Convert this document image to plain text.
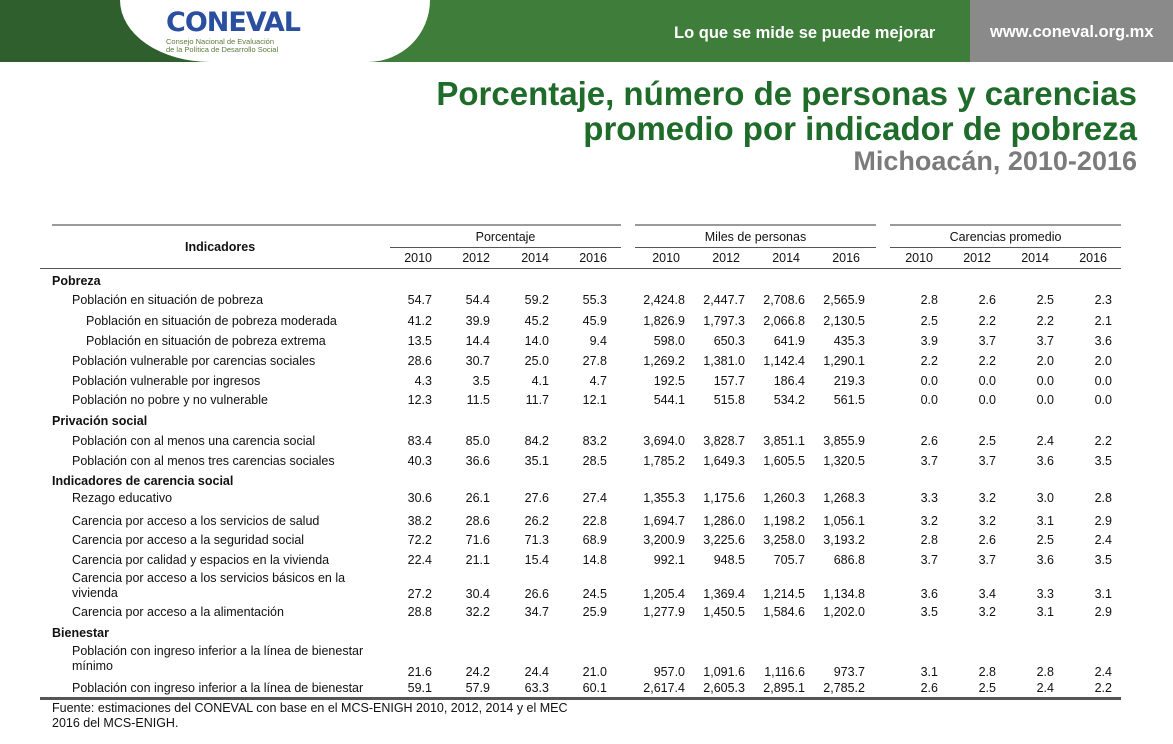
CONEVAL
Consejo Nacional de Evaluación
de la Política de Desarrollo Social
Lo que se mide se puede mejorar	www.coneval.org.mx
Porcentaje, número de personas y carencias
promedio por indicador de pobreza
Michoacán, 2010-2016
Indicadores
Porcentaje
2010	2012	2014	2016
Miles de personas
2010	2012	2014	2016
Carencias promedio
2010	2012	2014	2016
Pobreza
Población en situación de pobreza	54.7	54.4	59.2	55.3	2,424.8	2,447.7	2,708.6	2,565.9	2.8	2.6	2.5	2.3
Población en situación de pobreza moderada	41.2	39.9	45.2	45.9	1,826.9	1,797.3	2,066.8	2,130.5	2.5	2.2	2.2	2.1
Población en situación de pobreza extrema	13.5	14.4	14.0	9.4	598.0	650.3	641.9	435.3	3.9	3.7	3.7	3.6
Población vulnerable por carencias sociales	28.6	30.7	25.0	27.8	1,269.2	1,381.0	1,142.4	1,290.1	2.2	2.2	2.0	2.0
Población vulnerable por ingresos	4.3	3.5	4.1	4.7	192.5	157.7	186.4	219.3	0.0	0.0	0.0	0.0
Población no pobre y no vulnerable	12.3	11.5	11.7	12.1	544.1	515.8	534.2	561.5	0.0	0.0	0.0	0.0
Privación social
Población con al menos una carencia social	83.4	85.0	84.2	83.2	3,694.0	3,828.7	3,851.1	3,855.9	2.6	2.5	2.4	2.2
Población con al menos tres carencias sociales	40.3	36.6	35.1	28.5	1,785.2	1,649.3	1,605.5	1,320.5	3.7	3.7	3.6	3.5
Indicadores de carencia social
Rezago educativo	30.6	26.1	27.6	27.4	1,355.3	1,175.6	1,260.3	1,268.3	3.3	3.2	3.0	2.8
Carencia por acceso a los servicios de salud	38.2	28.6	26.2	22.8	1,694.7	1,286.0	1,198.2	1,056.1	3.2	3.2	3.1	2.9
Carencia por acceso a la seguridad social	72.2	71.6	71.3	68.9	3,200.9	3,225.6	3,258.0	3,193.2	2.8	2.6	2.5	2.4
Carencia por calidad y espacios en la vivienda	22.4	21.1	15.4	14.8	992.1	948.5	705.7	686.8	3.7	3.7	3.6	3.5
Carencia por acceso a los servicios básicos en la
vivienda	27.2	30.4	26.6	24.5	1,205.4	1,369.4	1,214.5	1,134.8	3.6	3.4	3.3	3.1
Carencia por acceso a la alimentación	28.8	32.2	34.7	25.9	1,277.9	1,450.5	1,584.6	1,202.0	3.5	3.2	3.1	2.9
Bienestar
Población con ingreso inferior a la línea de bienestar
mínimo	21.6	24.2	24.4	21.0	957.0	1,091.6	1,116.6	973.7	3.1	2.8	2.8	2.4
Población con ingreso inferior a la línea de bienestar	59.1	57.9	63.3	60.1	2,617.4	2,605.3	2,895.1	2,785.2	2.6	2.5	2.4	2.2
Fuente: estimaciones del CONEVAL con base en el MCS-ENIGH 2010, 2012, 2014 y el MEC 2016 del MCS-ENIGH.
